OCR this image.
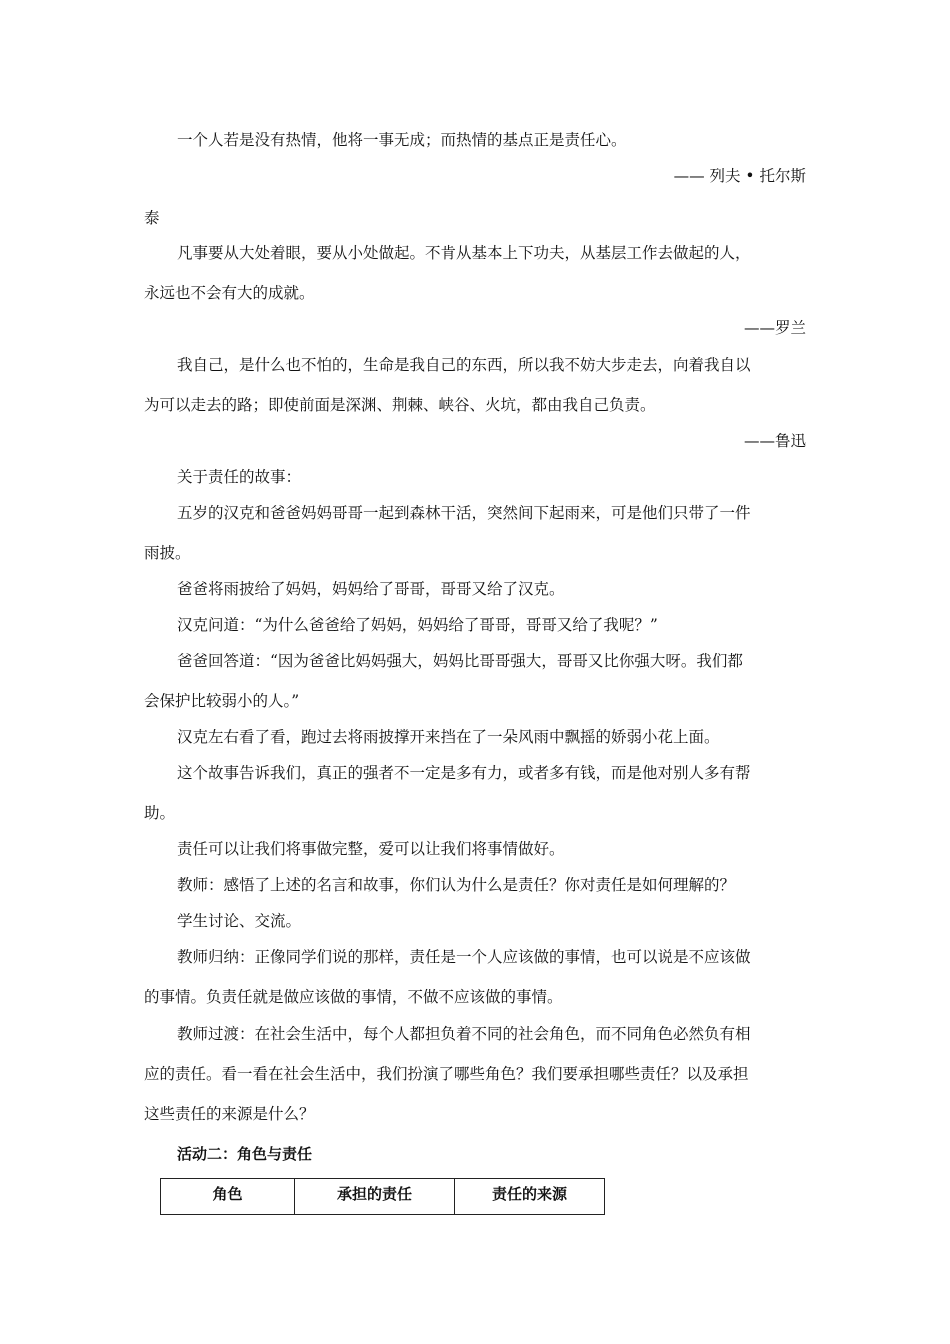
一个人若是没有热情，他将一事无成；而热情的基点正是责任心。
—— 列夫 • 托尔斯
泰
凡事要从大处着眼，要从小处做起。不肯从基本上下功夫，从基层工作去做起的人，
永远也不会有大的成就。
——罗兰
我自己，是什么也不怕的，生命是我自己的东西，所以我不妨大步走去，向着我自以
为可以走去的路；即使前面是深渊、荆棘、峡谷、火坑，都由我自己负责。
——鲁迅
关于责任的故事：
五岁的汉克和爸爸妈妈哥哥一起到森林干活，突然间下起雨来，可是他们只带了一件
雨披。
爸爸将雨披给了妈妈，妈妈给了哥哥，哥哥又给了汉克。
汉克问道：“为什么爸爸给了妈妈，妈妈给了哥哥，哥哥又给了我呢？”
爸爸回答道：“因为爸爸比妈妈强大，妈妈比哥哥强大，哥哥又比你强大呀。我们都
会保护比较弱小的人。”
汉克左右看了看，跑过去将雨披撑开来挡在了一朵风雨中飘摇的娇弱小花上面。
这个故事告诉我们，真正的强者不一定是多有力，或者多有钱，而是他对别人多有帮
助。
责任可以让我们将事做完整，爱可以让我们将事情做好。
教师：感悟了上述的名言和故事，你们认为什么是责任？你对责任是如何理解的？
学生讨论、交流。
教师归纳：正像同学们说的那样，责任是一个人应该做的事情，也可以说是不应该做
的事情。负责任就是做应该做的事情，不做不应该做的事情。
教师过渡：在社会生活中，每个人都担负着不同的社会角色，而不同角色必然负有相
应的责任。看一看在社会生活中，我们扮演了哪些角色？我们要承担哪些责任？以及承担
这些责任的来源是什么？
活动二：角色与责任
角色	承担的责任	责任的来源
